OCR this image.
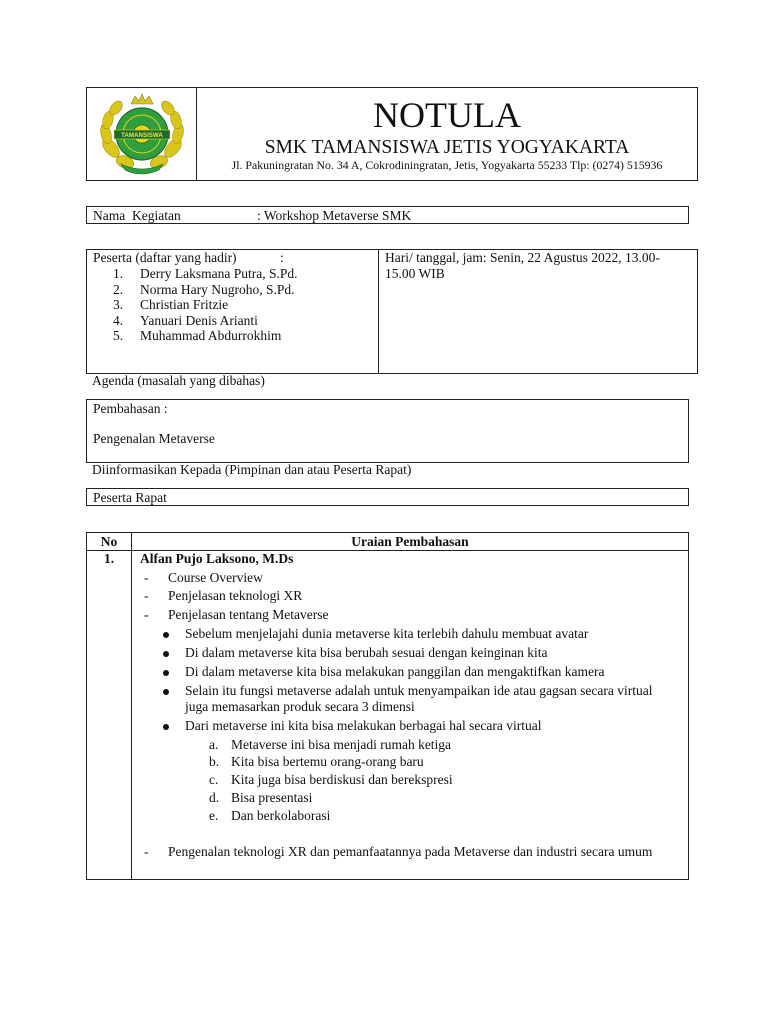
TAMANSISWA
NOTULA
SMK TAMANSISWA JETIS YOGYAKARTA
Jl. Pakuningratan No. 34 A, Cokrodiningratan, Jetis, Yogyakarta 55233 Tlp: (0274) 515936
Nama  Kegiatan	: Workshop Metaverse SMK
Peserta (daftar yang hadir)	:
1. Derry Laksmana Putra, S.Pd.
2. Norma Hary Nugroho, S.Pd.
3. Christian Fritzie
4. Yanuari Denis Arianti
5. Muhammad Abdurrokhim
Hari/ tanggal, jam: Senin, 22 Agustus 2022, 13.00-
15.00 WIB
Agenda (masalah yang dibahas)
Pembahasan :
Pengenalan Metaverse
Diinformasikan Kepada (Pimpinan dan atau Peserta Rapat)
Peserta Rapat
No	Uraian Pembahasan
1.	Alfan Pujo Laksono, M.Ds
- Course Overview
- Penjelasan teknologi XR
- Penjelasan tentang Metaverse
Sebelum menjelajahi dunia metaverse kita terlebih dahulu membuat avatar
Di dalam metaverse kita bisa berubah sesuai dengan keinginan kita
Di dalam metaverse kita bisa melakukan panggilan dan mengaktifkan kamera
Selain itu fungsi metaverse adalah untuk menyampaikan ide atau gagsan secara virtual
juga memasarkan produk secara 3 dimensi
Dari metaverse ini kita bisa melakukan berbagai hal secara virtual
a. Metaverse ini bisa menjadi rumah ketiga
b. Kita bisa bertemu orang-orang baru
c. Kita juga bisa berdiskusi dan berekspresi
d. Bisa presentasi
e. Dan berkolaborasi
- Pengenalan teknologi XR dan pemanfaatannya pada Metaverse dan industri secara umum
